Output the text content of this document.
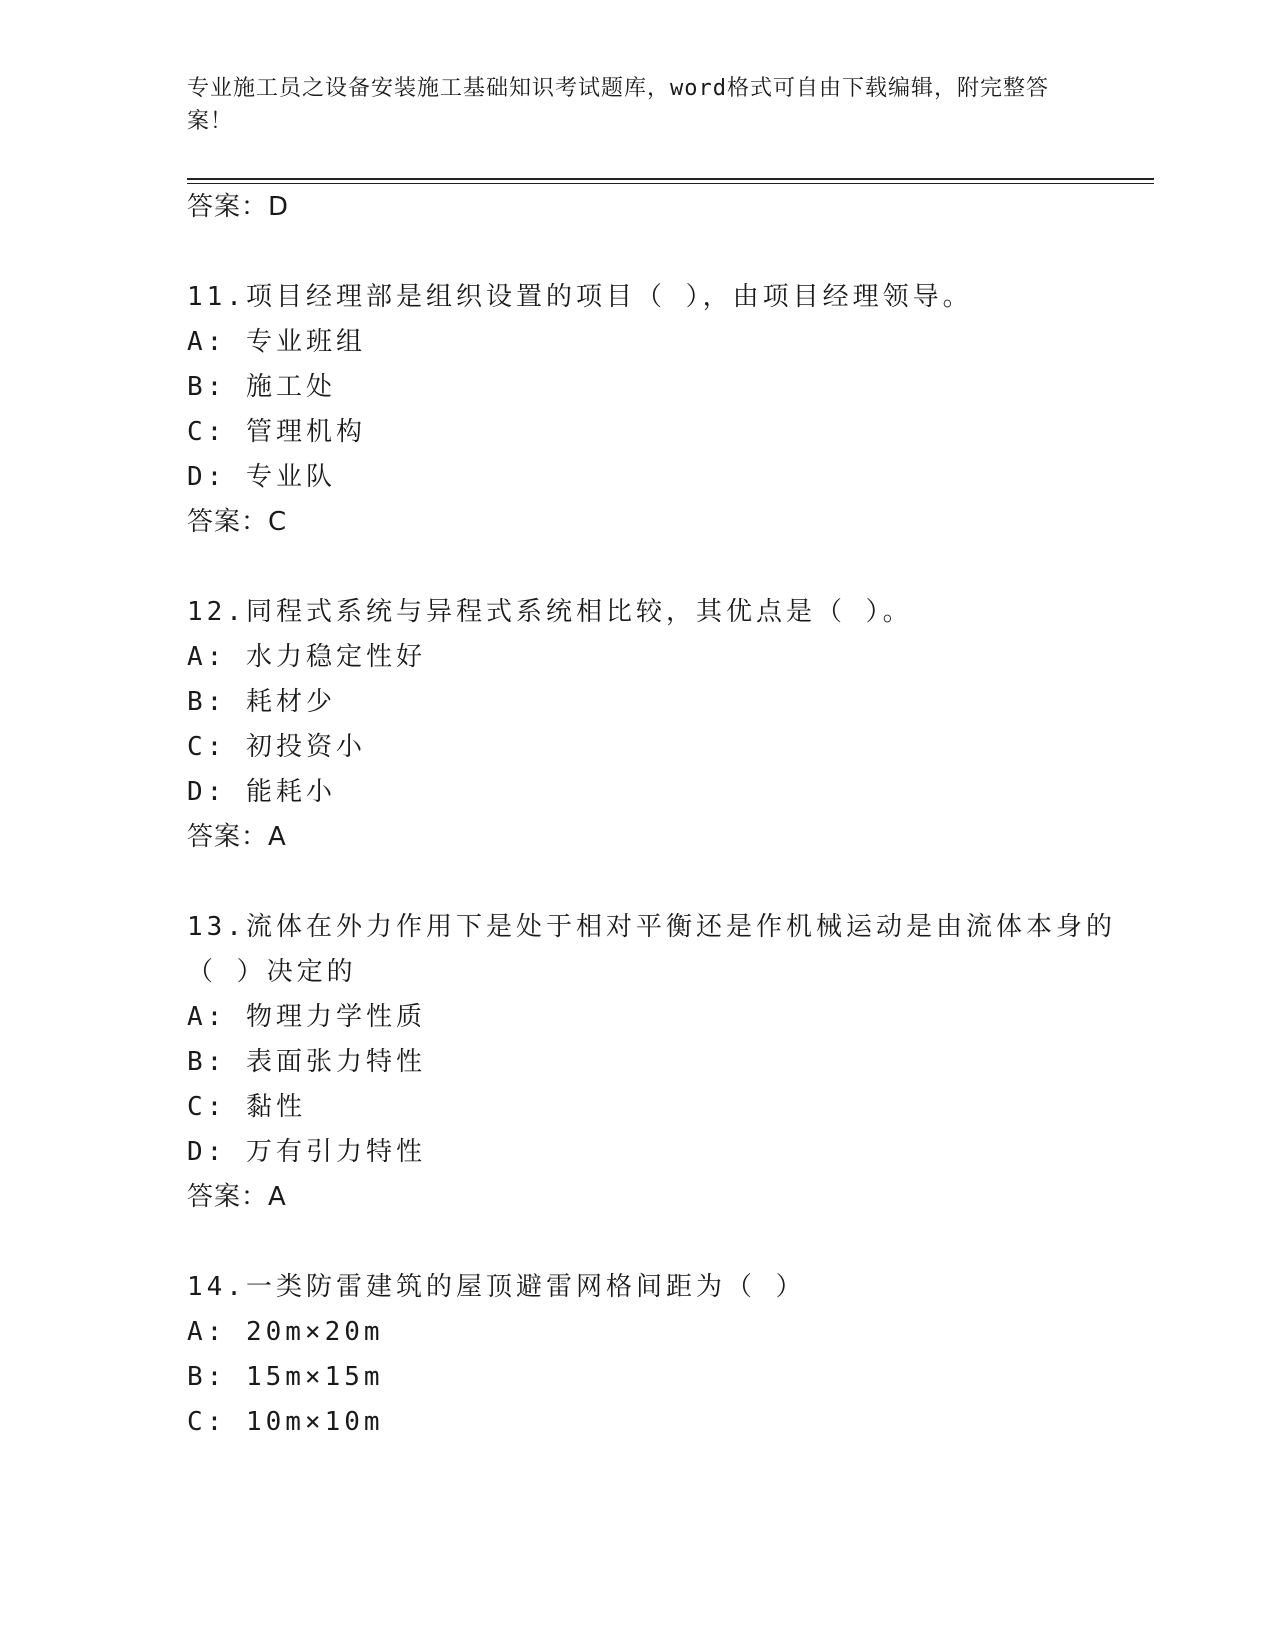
专业施工员之设备安装施工基础知识考试题库，word格式可自由下载编辑，附完整答案！
答案：D
11.项目经理部是组织设置的项目（ ），由项目经理领导。
A: 专业班组
B: 施工处
C: 管理机构
D: 专业队
答案：C
12.同程式系统与异程式系统相比较，其优点是（ ）。
A: 水力稳定性好
B: 耗材少
C: 初投资小
D: 能耗小
答案：A
13.流体在外力作用下是处于相对平衡还是作机械运动是由流体本身的
（ ）决定的
A: 物理力学性质
B: 表面张力特性
C: 黏性
D: 万有引力特性
答案：A
14.一类防雷建筑的屋顶避雷网格间距为（ ）
A: 20m×20m
B: 15m×15m
C: 10m×10m
